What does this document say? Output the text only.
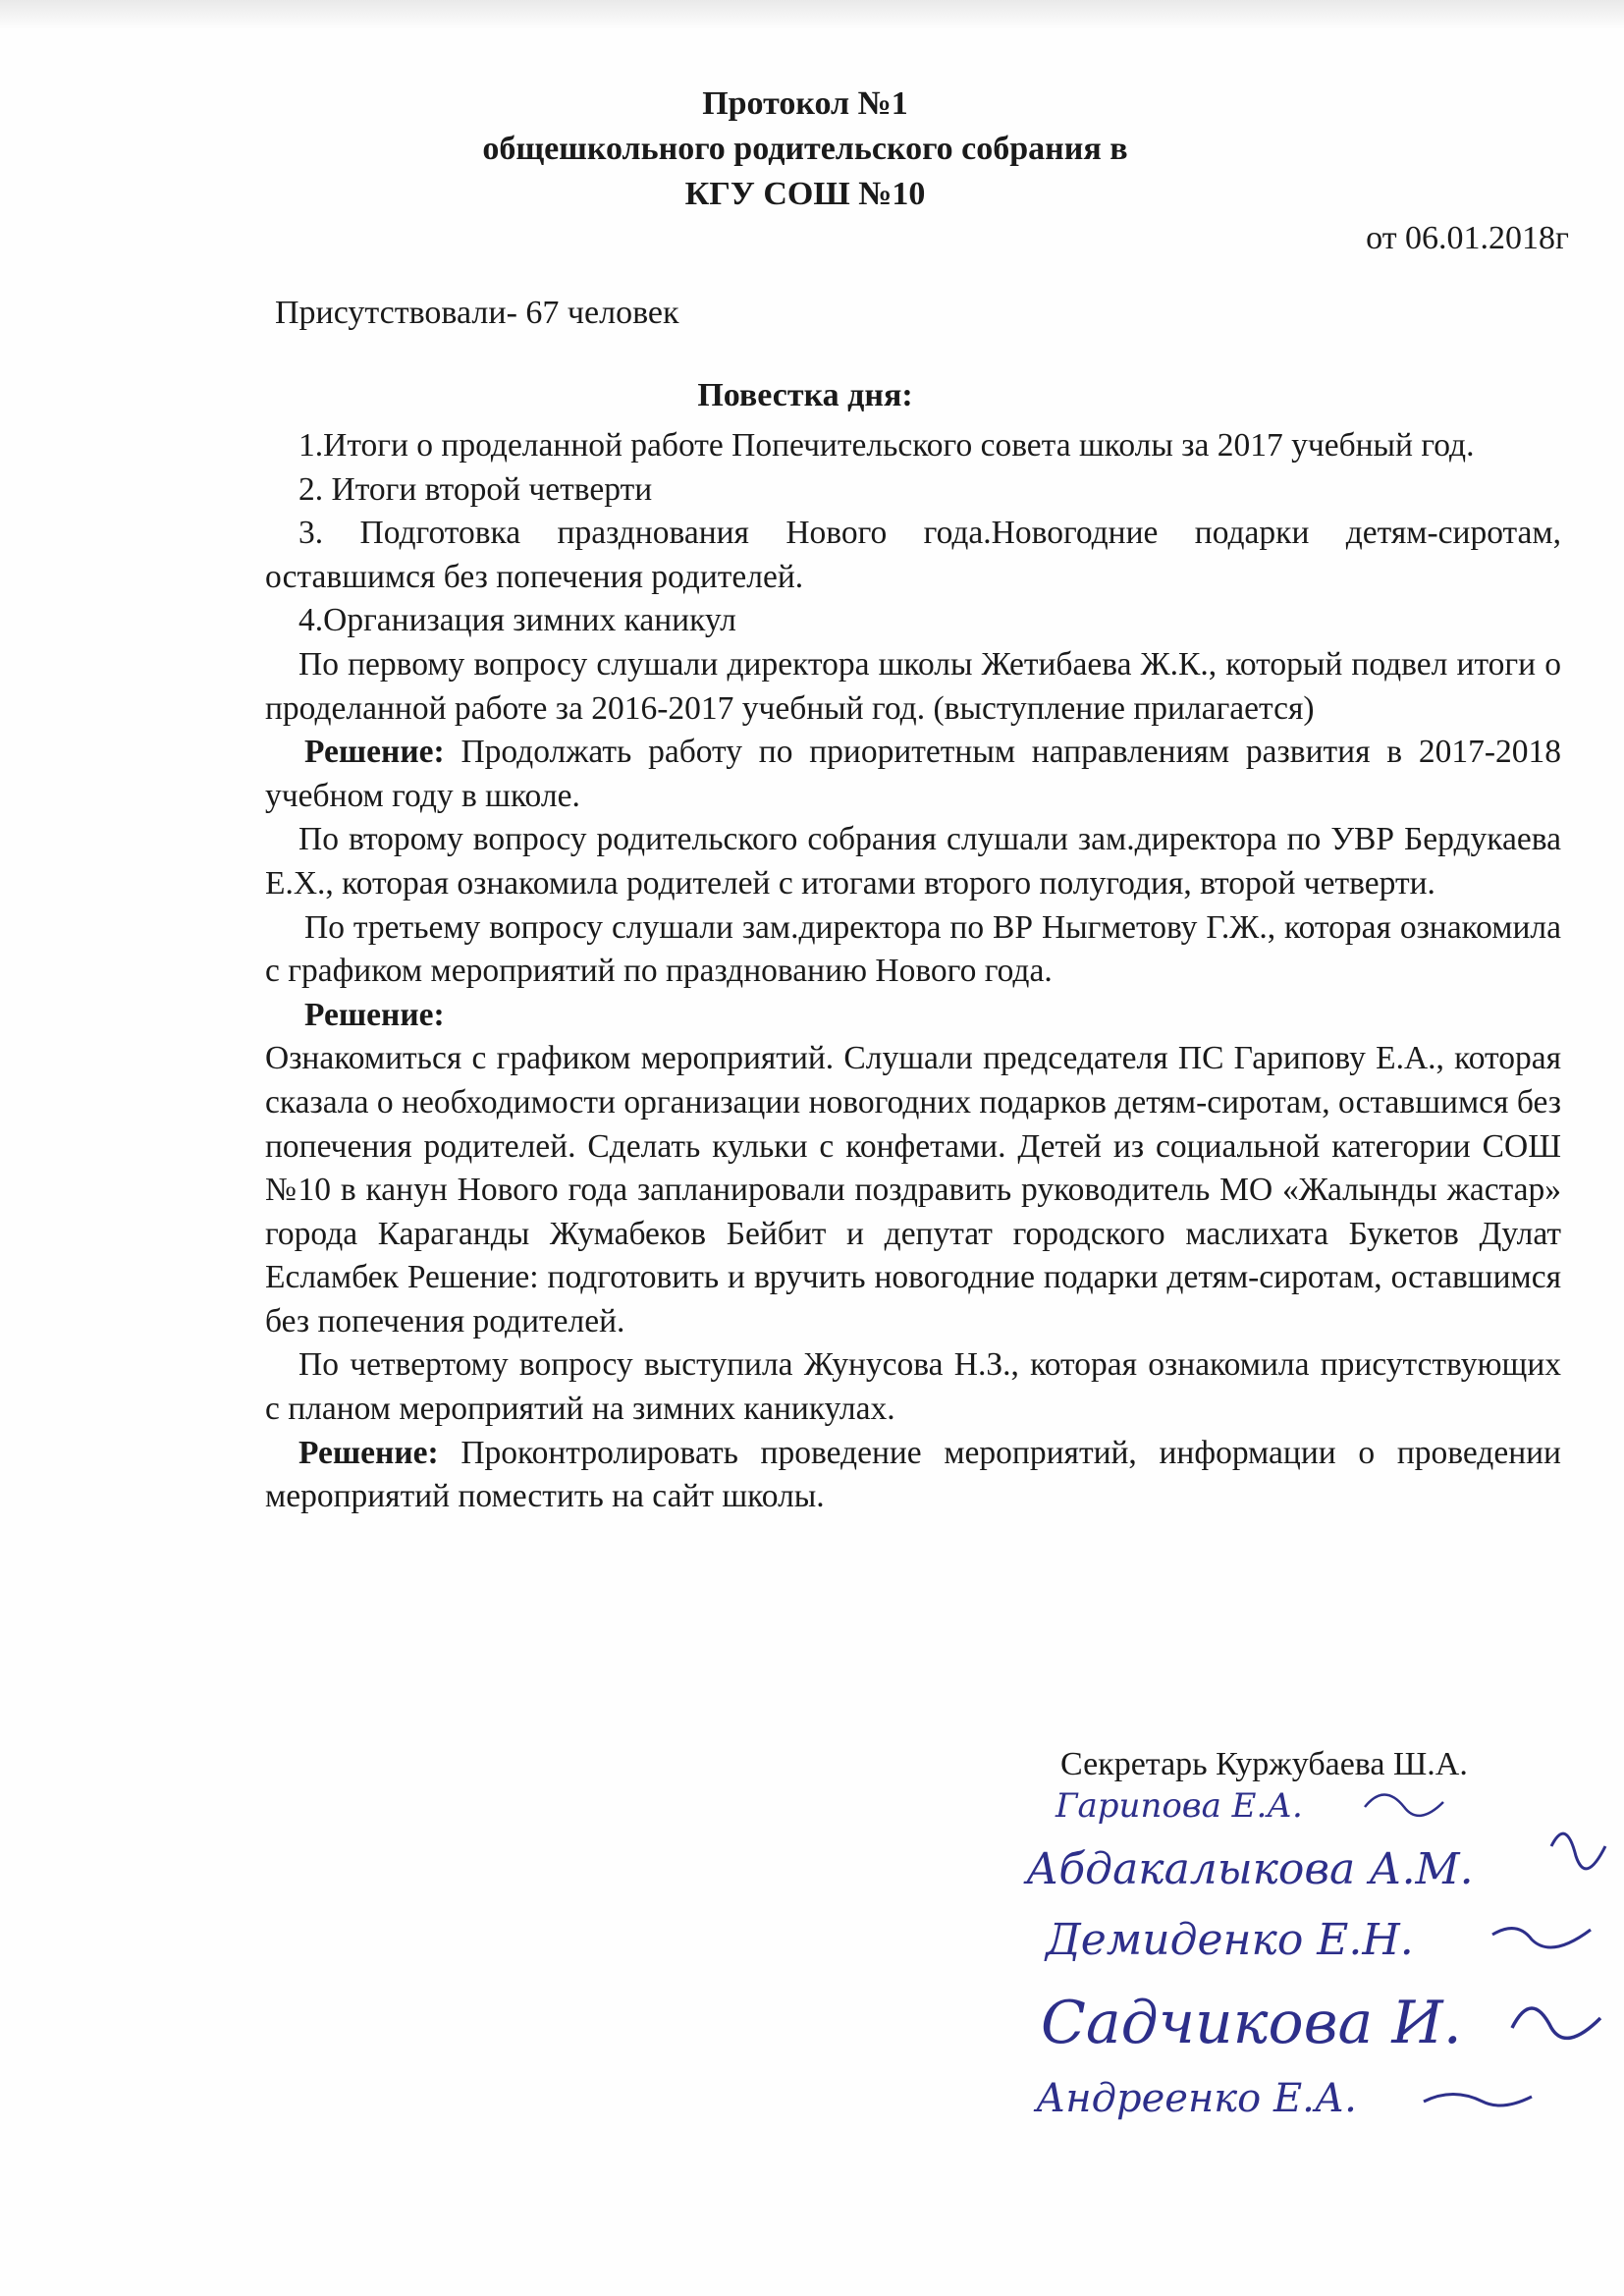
Протокол №1
общешкольного родительского собрания в
КГУ СОШ №10
от 06.01.2018г
Присутствовали- 67 человек
Повестка дня:

1.Итоги о проделанной работе Попечительского совета школы за 2017 учебный год.

2. Итоги второй четверти

3. Подготовка празднования Нового года.Новогодние подарки детям-сиротам, оставшимся без попечения родителей.

4.Организация зимних каникул

По первому вопросу слушали директора школы Жетибаева Ж.К., который подвел итоги о проделанной работе за 2016-2017 учебный год. (выступление прилагается)

Решение: Продолжать работу по приоритетным направлениям развития в 2017-2018 учебном году в школе.

По второму вопросу родительского собрания слушали зам.директора по УВР Бердукаева Е.Х., которая ознакомила родителей с итогами второго полугодия, второй четверти.

По третьему вопросу слушали зам.директора по ВР Ныгметову Г.Ж., которая ознакомила с графиком мероприятий по празднованию Нового года.

Решение:

Ознакомиться с графиком мероприятий. Слушали председателя ПС Гарипову Е.А., которая сказала о необходимости организации новогодних подарков детям-сиротам, оставшимся без попечения родителей. Сделать кульки с конфетами. Детей из социальной категории СОШ №10 в канун Нового года запланировали поздравить руководитель МО «Жалынды жастар» города Караганды Жумабеков Бейбит и депутат городского маслихата Букетов Дулат Есламбек Решение: подготовить и вручить новогодние подарки детям-сиротам, оставшимся без попечения родителей.

По четвертому вопросу выступила Жунусова Н.З., которая ознакомила присутствующих с планом мероприятий на зимних каникулах.

Решение: Проконтролировать проведение мероприятий, информации о проведении мероприятий поместить на сайт школы.

Секретарь Куржубаева Ш.А.
Гарипова Е.А.
Абдакалыкова А.М.
Демиденко Е.Н.
Садчикова И.
Андреенко Е.А.
